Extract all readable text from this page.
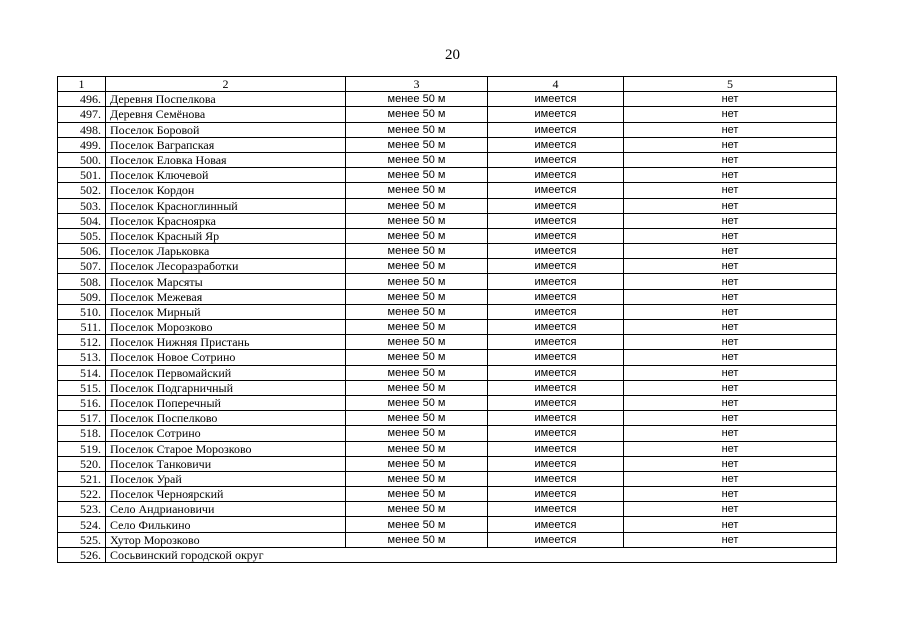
20
1	2	3	4	5
496.	Деревня Поспелкова	менее 50 м	имеется	нет
497.	Деревня Семёнова	менее 50 м	имеется	нет
498.	Поселок Боровой	менее 50 м	имеется	нет
499.	Поселок Ваграпская	менее 50 м	имеется	нет
500.	Поселок Еловка Новая	менее 50 м	имеется	нет
501.	Поселок Ключевой	менее 50 м	имеется	нет
502.	Поселок Кордон	менее 50 м	имеется	нет
503.	Поселок Красноглинный	менее 50 м	имеется	нет
504.	Поселок Красноярка	менее 50 м	имеется	нет
505.	Поселок Красный Яр	менее 50 м	имеется	нет
506.	Поселок Ларьковка	менее 50 м	имеется	нет
507.	Поселок Лесоразработки	менее 50 м	имеется	нет
508.	Поселок Марсяты	менее 50 м	имеется	нет
509.	Поселок Межевая	менее 50 м	имеется	нет
510.	Поселок Мирный	менее 50 м	имеется	нет
511.	Поселок Морозково	менее 50 м	имеется	нет
512.	Поселок Нижняя Пристань	менее 50 м	имеется	нет
513.	Поселок Новое Сотрино	менее 50 м	имеется	нет
514.	Поселок Первомайский	менее 50 м	имеется	нет
515.	Поселок Подгарничный	менее 50 м	имеется	нет
516.	Поселок Поперечный	менее 50 м	имеется	нет
517.	Поселок Поспелково	менее 50 м	имеется	нет
518.	Поселок Сотрино	менее 50 м	имеется	нет
519.	Поселок Старое Морозково	менее 50 м	имеется	нет
520.	Поселок Танковичи	менее 50 м	имеется	нет
521.	Поселок Урай	менее 50 м	имеется	нет
522.	Поселок Черноярский	менее 50 м	имеется	нет
523.	Село Андриановичи	менее 50 м	имеется	нет
524.	Село Филькино	менее 50 м	имеется	нет
525.	Хутор Морозково	менее 50 м	имеется	нет
526.	Сосьвинский городской округ			
